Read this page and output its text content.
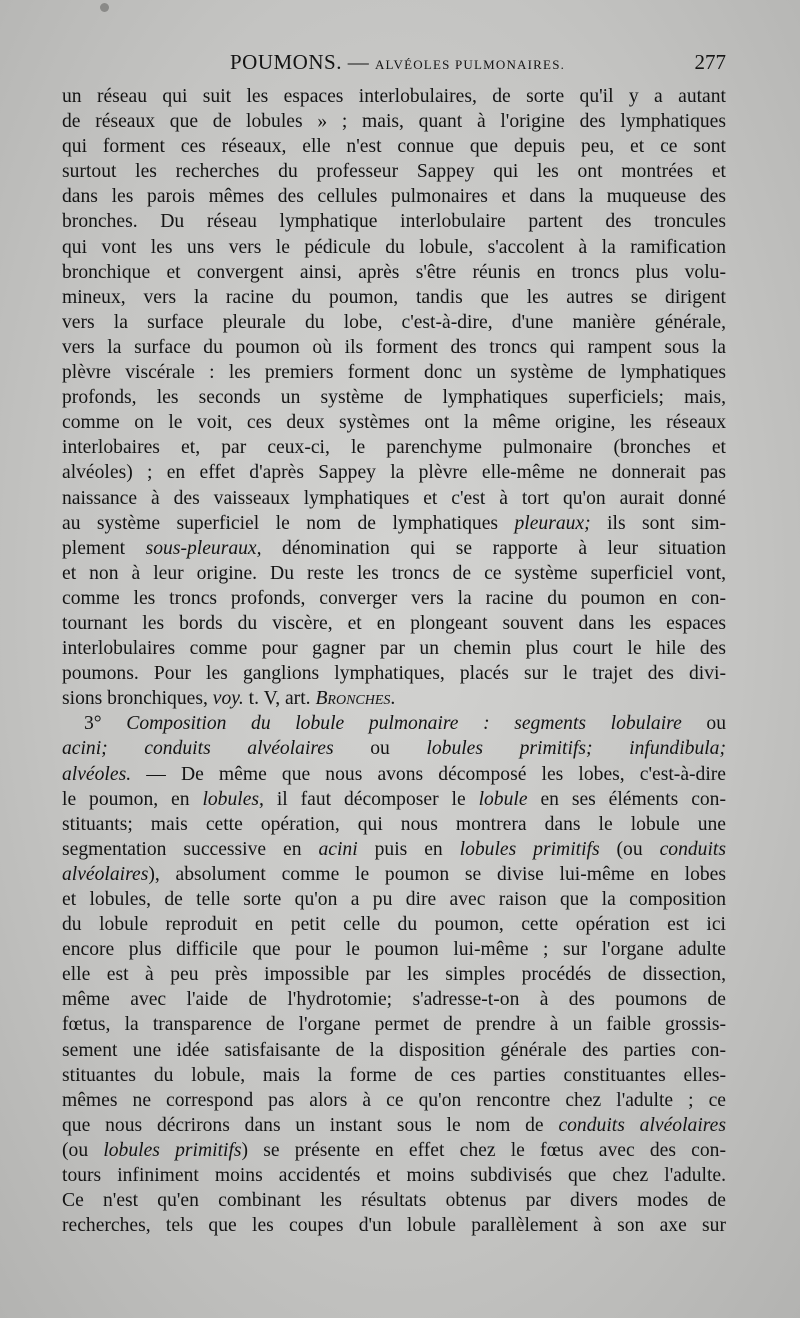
POUMONS. — ALVÉOLES PULMONAIRES.	277
un réseau qui suit les espaces interlobulaires, de sorte qu'il y a autant
de réseaux que de lobules » ; mais, quant à l'origine des lymphatiques
qui forment ces réseaux, elle n'est connue que depuis peu, et ce sont
surtout les recherches du professeur Sappey qui les ont montrées et
dans les parois mêmes des cellules pulmonaires et dans la muqueuse des
bronches. Du réseau lymphatique interlobulaire partent des troncules
qui vont les uns vers le pédicule du lobule, s'accolent à la ramification
bronchique et convergent ainsi, après s'être réunis en troncs plus volu-
mineux, vers la racine du poumon, tandis que les autres se dirigent
vers la surface pleurale du lobe, c'est-à-dire, d'une manière générale,
vers la surface du poumon où ils forment des troncs qui rampent sous la
plèvre viscérale : les premiers forment donc un système de lymphatiques
profonds, les seconds un système de lymphatiques superficiels; mais,
comme on le voit, ces deux systèmes ont la même origine, les réseaux
interlobaires et, par ceux-ci, le parenchyme pulmonaire (bronches et
alvéoles) ; en effet d'après Sappey la plèvre elle-même ne donnerait pas
naissance à des vaisseaux lymphatiques et c'est à tort qu'on aurait donné
au système superficiel le nom de lymphatiques pleuraux; ils sont sim-
plement sous-pleuraux, dénomination qui se rapporte à leur situation
et non à leur origine. Du reste les troncs de ce système superficiel vont,
comme les troncs profonds, converger vers la racine du poumon en con-
tournant les bords du viscère, et en plongeant souvent dans les espaces
interlobulaires comme pour gagner par un chemin plus court le hile des
poumons. Pour les ganglions lymphatiques, placés sur le trajet des divi-
sions bronchiques, voy. t. V, art. Bronches.
3° Composition du lobule pulmonaire : segments lobulaire ou
acini; conduits alvéolaires ou lobules primitifs; infundibula;
alvéoles. — De même que nous avons décomposé les lobes, c'est-à-dire
le poumon, en lobules, il faut décomposer le lobule en ses éléments con-
stituants; mais cette opération, qui nous montrera dans le lobule une
segmentation successive en acini puis en lobules primitifs (ou conduits
alvéolaires), absolument comme le poumon se divise lui-même en lobes
et lobules, de telle sorte qu'on a pu dire avec raison que la composition
du lobule reproduit en petit celle du poumon, cette opération est ici
encore plus difficile que pour le poumon lui-même ; sur l'organe adulte
elle est à peu près impossible par les simples procédés de dissection,
même avec l'aide de l'hydrotomie; s'adresse-t-on à des poumons de
fœtus, la transparence de l'organe permet de prendre à un faible grossis-
sement une idée satisfaisante de la disposition générale des parties con-
stituantes du lobule, mais la forme de ces parties constituantes elles-
mêmes ne correspond pas alors à ce qu'on rencontre chez l'adulte ; ce
que nous décrirons dans un instant sous le nom de conduits alvéolaires
(ou lobules primitifs) se présente en effet chez le fœtus avec des con-
tours infiniment moins accidentés et moins subdivisés que chez l'adulte.
Ce n'est qu'en combinant les résultats obtenus par divers modes de
recherches, tels que les coupes d'un lobule parallèlement à son axe sur
